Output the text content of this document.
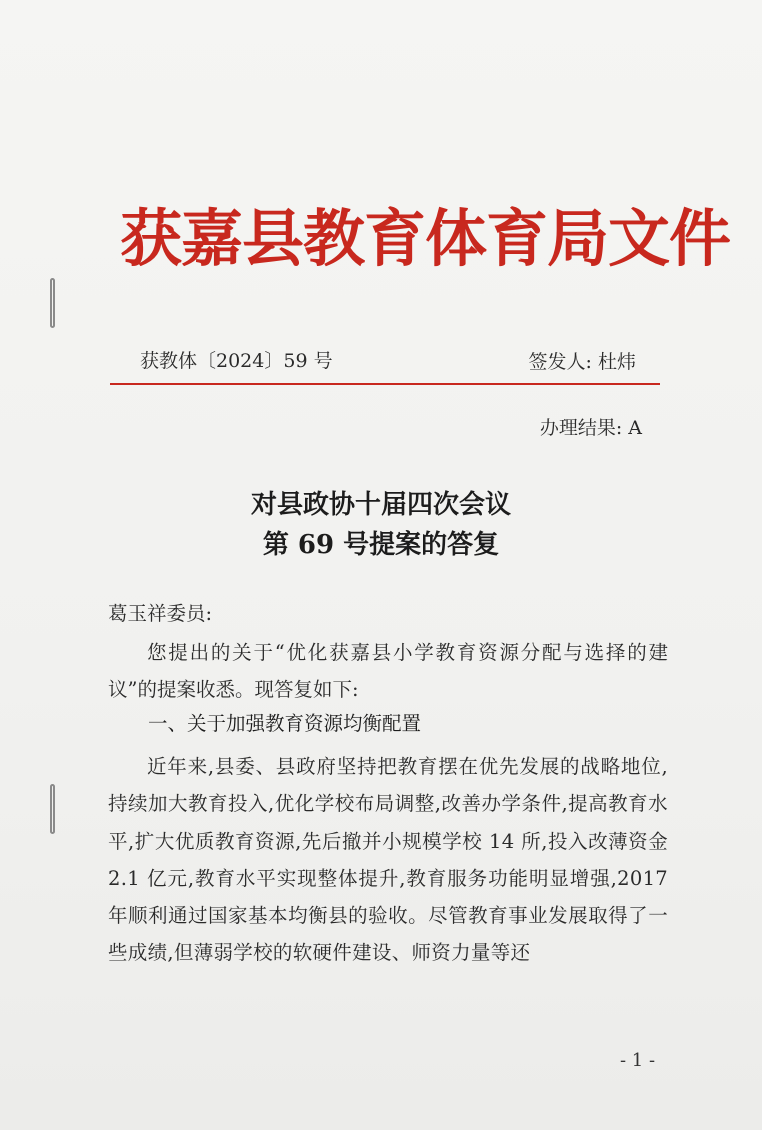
获嘉县教育体育局文件
获教体〔2024〕59 号	签发人: 杜炜
办理结果: A
对县政协十届四次会议
第 69 号提案的答复
葛玉祥委员:
您提出的关于“优化获嘉县小学教育资源分配与选择的建议”的提案收悉。现答复如下:
一、关于加强教育资源均衡配置
近年来,县委、县政府坚持把教育摆在优先发展的战略地位,持续加大教育投入,优化学校布局调整,改善办学条件,提高教育水平,扩大优质教育资源,先后撤并小规模学校 14 所,投入改薄资金 2.1 亿元,教育水平实现整体提升,教育服务功能明显增强,2017 年顺利通过国家基本均衡县的验收。尽管教育事业发展取得了一些成绩,但薄弱学校的软硬件建设、师资力量等还
- 1 -
